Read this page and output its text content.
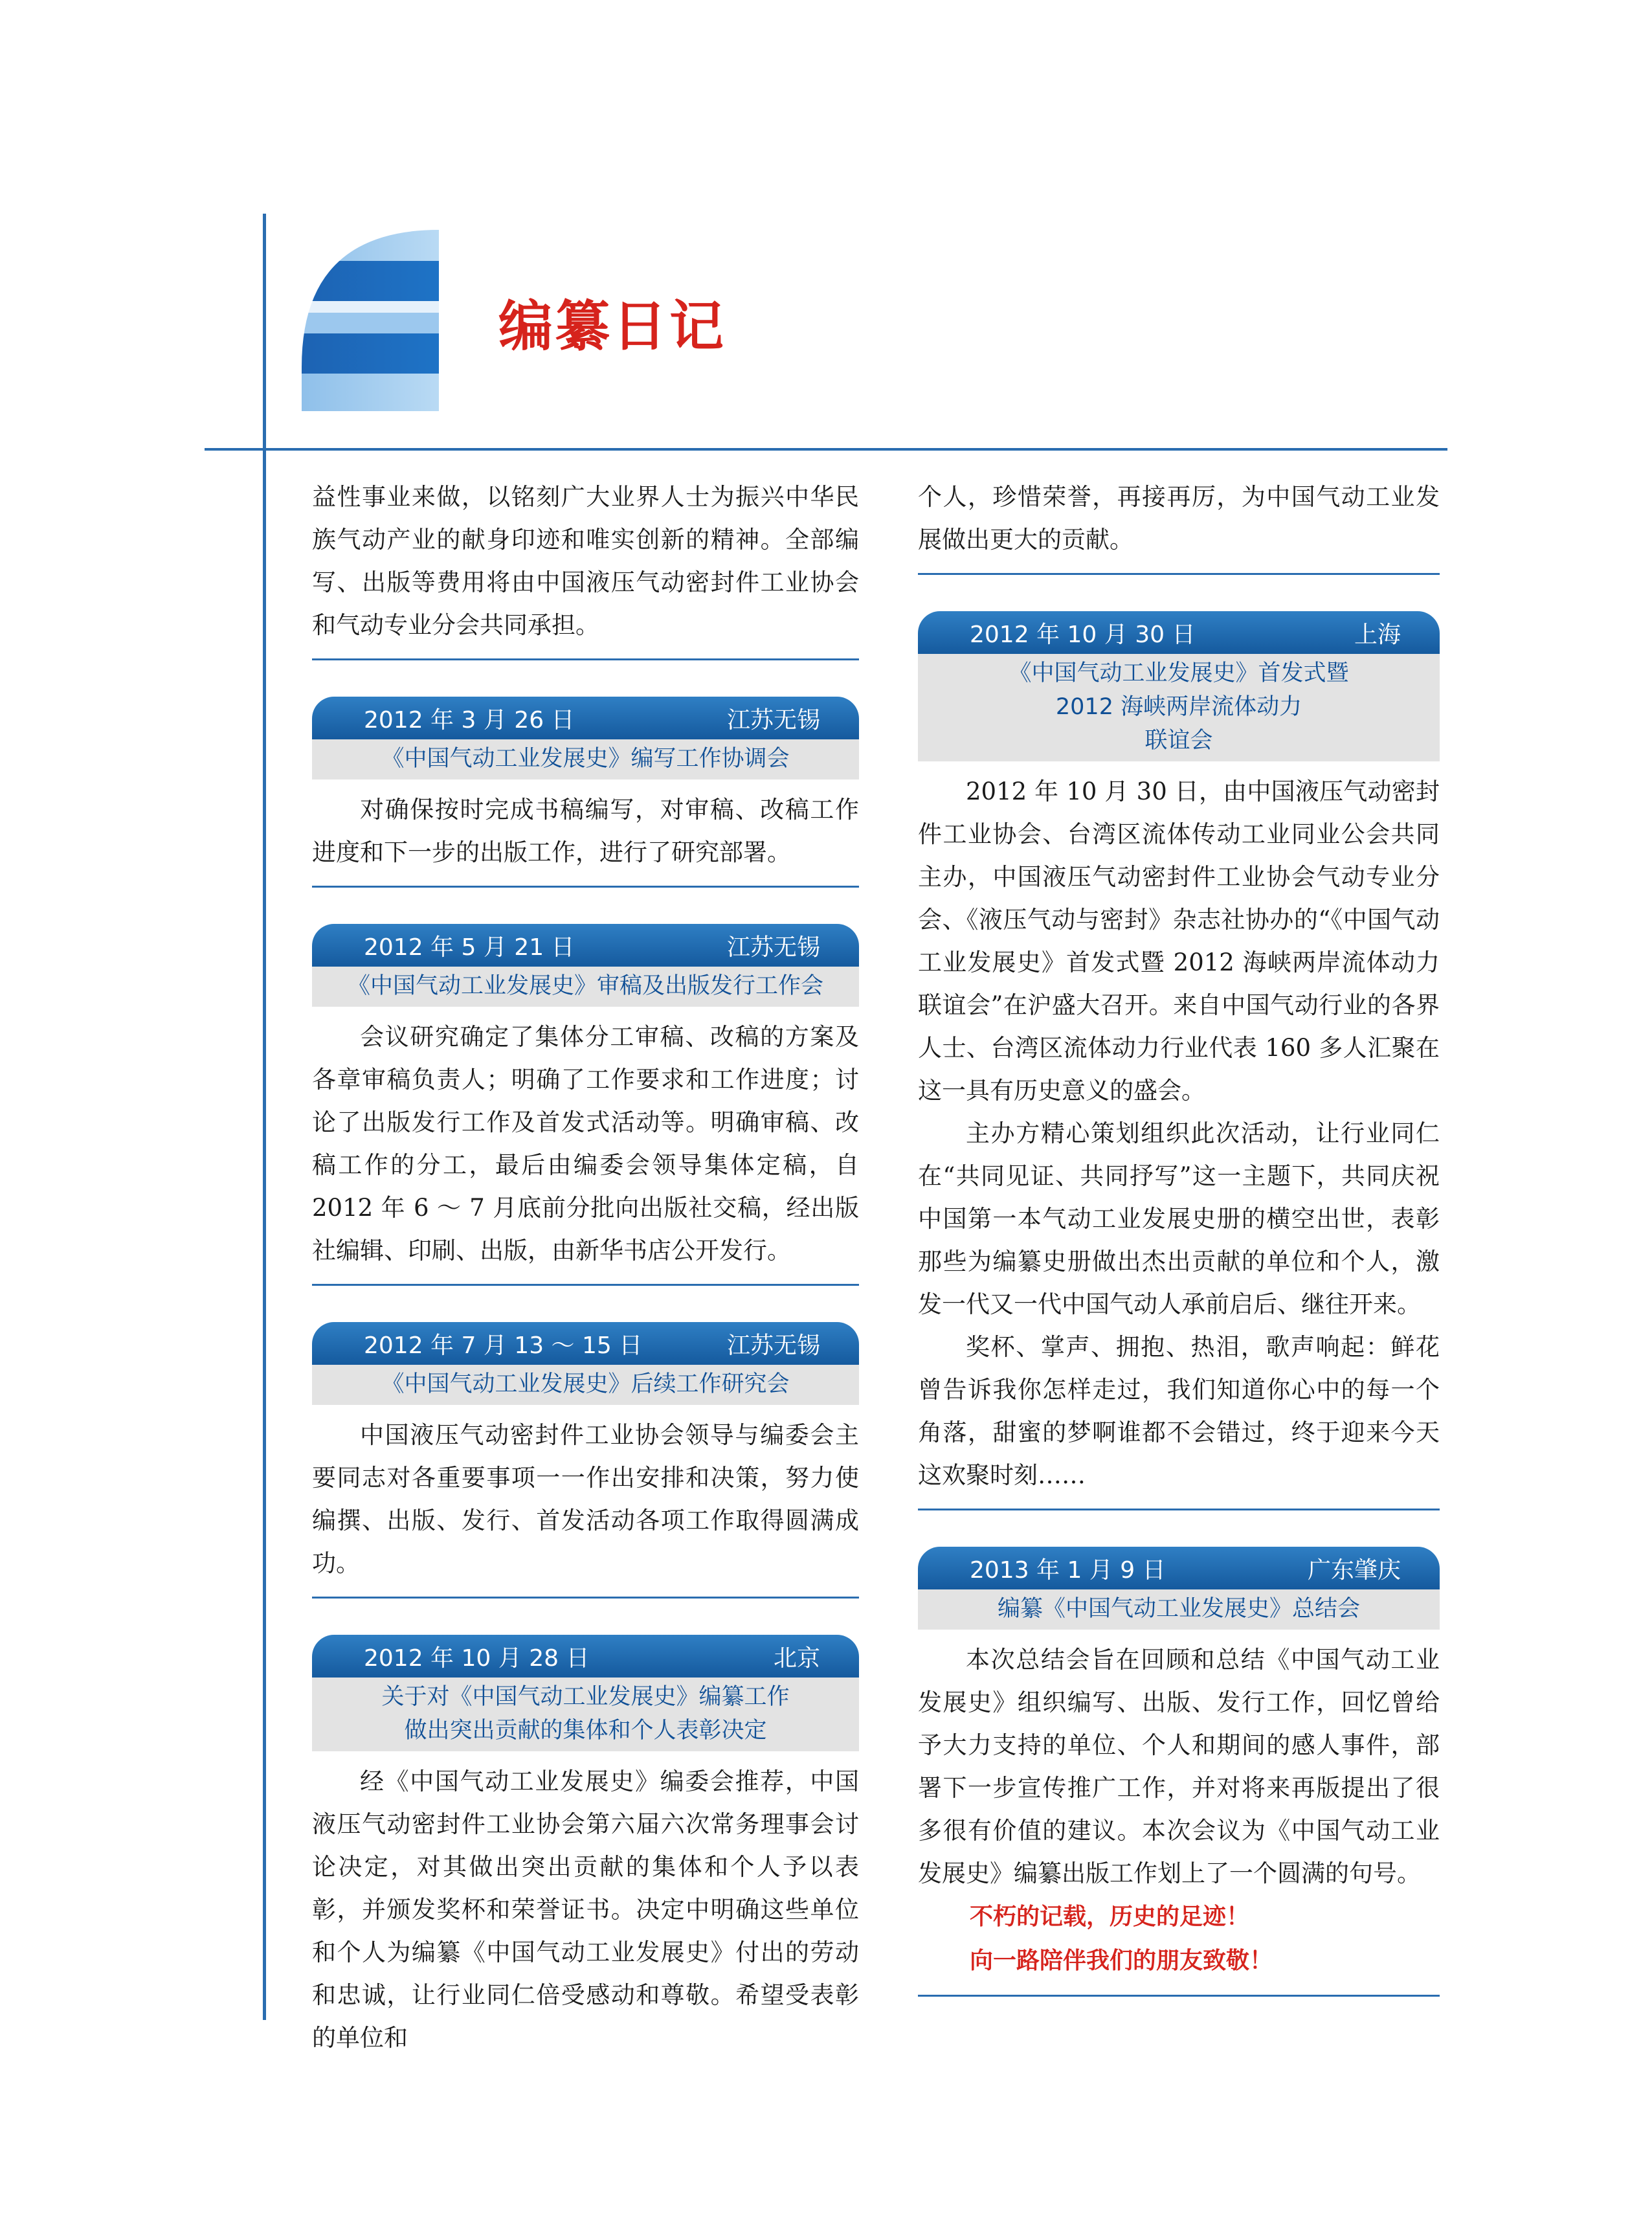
编纂日记

益性事业来做，以铭刻广大业界人士为振兴中华民族气动产业的献身印迹和唯实创新的精神。全部编写、出版等费用将由中国液压气动密封件工业协会和气动专业分会共同承担。

2012 年 3 月 26 日	江苏无锡
《中国气动工业发展史》编写工作协调会

对确保按时完成书稿编写，对审稿、改稿工作进度和下一步的出版工作，进行了研究部署。

2012 年 5 月 21 日	江苏无锡
《中国气动工业发展史》审稿及出版发行工作会

会议研究确定了集体分工审稿、改稿的方案及各章审稿负责人；明确了工作要求和工作进度；讨论了出版发行工作及首发式活动等。明确审稿、改稿工作的分工，最后由编委会领导集体定稿，自 2012 年 6 ～ 7 月底前分批向出版社交稿，经出版社编辑、印刷、出版，由新华书店公开发行。

2012 年 7 月 13 ～ 15 日	江苏无锡
《中国气动工业发展史》后续工作研究会

中国液压气动密封件工业协会领导与编委会主要同志对各重要事项一一作出安排和决策，努力使编撰、出版、发行、首发活动各项工作取得圆满成功。

2012 年 10 月 28 日	北京
关于对《中国气动工业发展史》编纂工作
做出突出贡献的集体和个人表彰决定

经《中国气动工业发展史》编委会推荐，中国液压气动密封件工业协会第六届六次常务理事会讨论决定，对其做出突出贡献的集体和个人予以表彰，并颁发奖杯和荣誉证书。决定中明确这些单位和个人为编纂《中国气动工业发展史》付出的劳动和忠诚，让行业同仁倍受感动和尊敬。希望受表彰的单位和

个人，珍惜荣誉，再接再厉，为中国气动工业发展做出更大的贡献。

2012 年 10 月 30 日	上海
《中国气动工业发展史》首发式暨
2012 海峡两岸流体动力
联谊会

2012 年 10 月 30 日，由中国液压气动密封件工业协会、台湾区流体传动工业同业公会共同主办，中国液压气动密封件工业协会气动专业分会、《液压气动与密封》杂志社协办的“《中国气动工业发展史》首发式暨 2012 海峡两岸流体动力联谊会”在沪盛大召开。来自中国气动行业的各界人士、台湾区流体动力行业代表 160 多人汇聚在这一具有历史意义的盛会。

主办方精心策划组织此次活动，让行业同仁在“共同见证、共同抒写”这一主题下，共同庆祝中国第一本气动工业发展史册的横空出世，表彰那些为编纂史册做出杰出贡献的单位和个人，激发一代又一代中国气动人承前启后、继往开来。

奖杯、掌声、拥抱、热泪，歌声响起：鲜花曾告诉我你怎样走过，我们知道你心中的每一个角落，甜蜜的梦啊谁都不会错过，终于迎来今天这欢聚时刻……

2013 年 1 月 9 日	广东肇庆
编纂《中国气动工业发展史》总结会

本次总结会旨在回顾和总结《中国气动工业发展史》组织编写、出版、发行工作，回忆曾给予大力支持的单位、个人和期间的感人事件，部署下一步宣传推广工作，并对将来再版提出了很多很有价值的建议。本次会议为《中国气动工业发展史》编纂出版工作划上了一个圆满的句号。

不朽的记载，历史的足迹！

向一路陪伴我们的朋友致敬！
